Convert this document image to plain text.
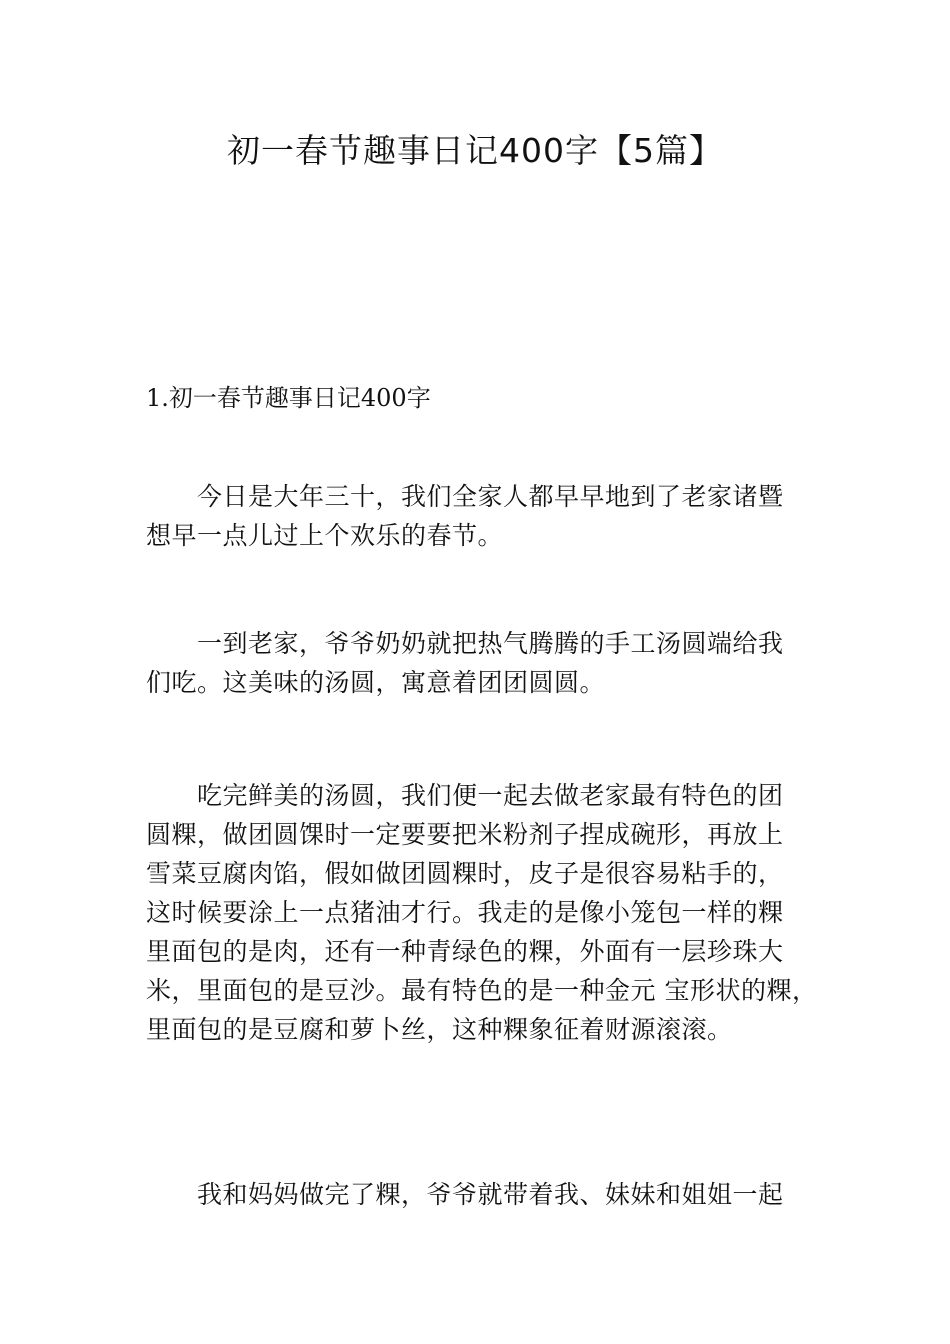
初一春节趣事日记400字【5篇】
1.初一春节趣事日记400字
今日是大年三十，我们全家人都早早地到了老家诸暨
想早一点儿过上个欢乐的春节。
一到老家，爷爷奶奶就把热气腾腾的手工汤圆端给我
们吃。这美味的汤圆，寓意着团团圆圆。
吃完鲜美的汤圆，我们便一起去做老家最有特色的团
圆粿，做团圆馃时一定要要把米粉剂子捏成碗形，再放上
雪菜豆腐肉馅，假如做团圆粿时，皮子是很容易粘手的，
这时候要涂上一点猪油才行。我走的是像小笼包一样的粿
里面包的是肉，还有一种青绿色的粿，外面有一层珍珠大
米，里面包的是豆沙。最有特色的是一种金元 宝形状的粿，
里面包的是豆腐和萝卜丝，这种粿象征着财源滚滚。
我和妈妈做完了粿，爷爷就带着我、妹妹和姐姐一起
